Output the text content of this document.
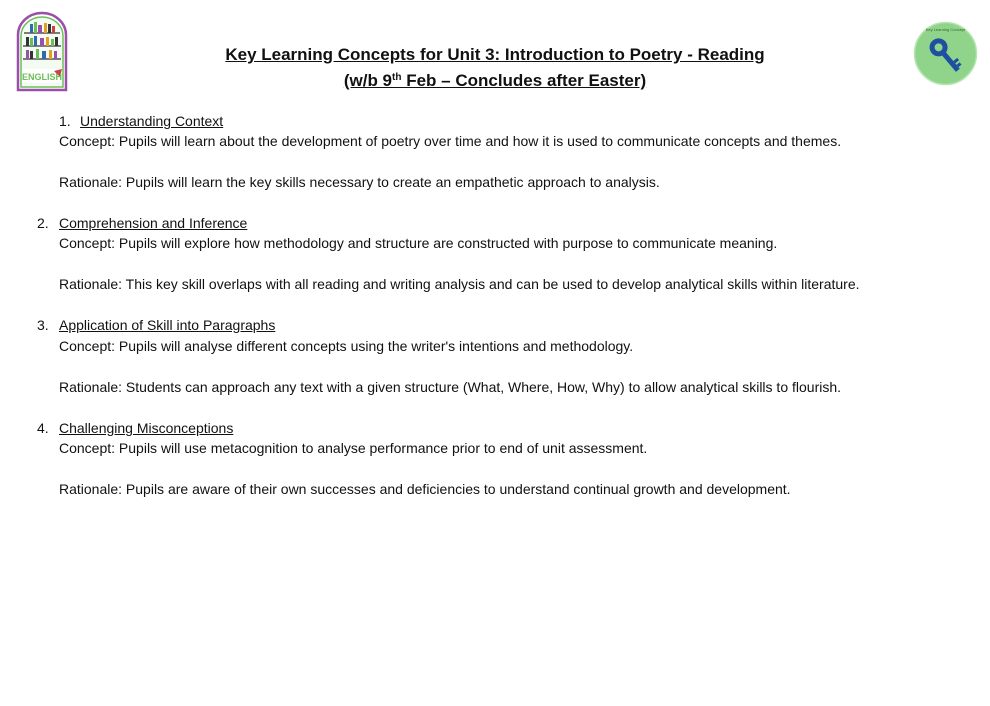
ENGLISH
Key Learning Concept
Key Learning Concepts for Unit 3: Introduction to Poetry - Reading
(w/b 9th Feb – Concludes after Easter)
1. Understanding Context
Concept: Pupils will learn about the development of poetry over time and how it is used to communicate concepts and themes.
Rationale: Pupils will learn the key skills necessary to create an empathetic approach to analysis.
2. Comprehension and Inference
Concept: Pupils will explore how methodology and structure are constructed with purpose to communicate meaning.
Rationale: This key skill overlaps with all reading and writing analysis and can be used to develop analytical skills within literature.
3. Application of Skill into Paragraphs
Concept: Pupils will analyse different concepts using the writer's intentions and methodology.
Rationale: Students can approach any text with a given structure (What, Where, How, Why) to allow analytical skills to flourish.
4. Challenging Misconceptions
Concept: Pupils will use metacognition to analyse performance prior to end of unit assessment.
Rationale: Pupils are aware of their own successes and deficiencies to understand continual growth and development.
